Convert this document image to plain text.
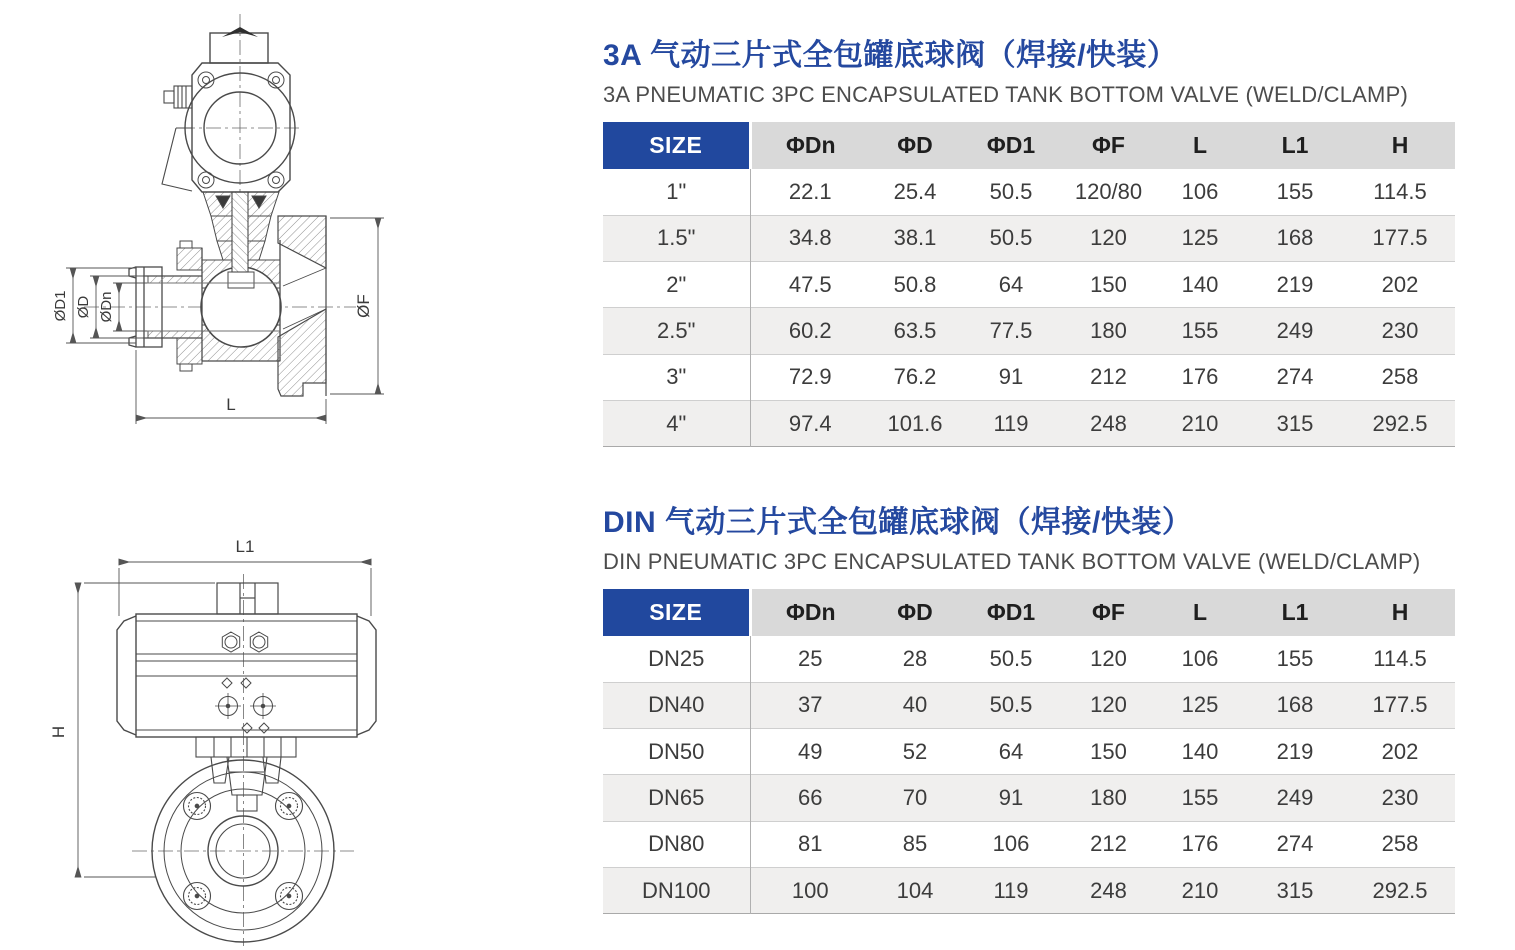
ØD1 ØD ØDn	ØF
L
L1
H
3A 气动三片式全包罐底球阀（焊接/快装）
3A PNEUMATIC 3PC ENCAPSULATED TANK BOTTOM VALVE (WELD/CLAMP)
SIZE	ΦDn	ΦD	ΦD1	ΦF	L	L1	H
1"	22.1	25.4	50.5	120/80	106	155	114.5
1.5"	34.8	38.1	50.5	120	125	168	177.5
2"	47.5	50.8	64	150	140	219	202
2.5"	60.2	63.5	77.5	180	155	249	230
3"	72.9	76.2	91	212	176	274	258
4"	97.4	101.6	119	248	210	315	292.5
DIN 气动三片式全包罐底球阀（焊接/快装）
DIN PNEUMATIC 3PC ENCAPSULATED TANK BOTTOM VALVE (WELD/CLAMP)
SIZE	ΦDn	ΦD	ΦD1	ΦF	L	L1	H
DN25	25	28	50.5	120	106	155	114.5
DN40	37	40	50.5	120	125	168	177.5
DN50	49	52	64	150	140	219	202
DN65	66	70	91	180	155	249	230
DN80	81	85	106	212	176	274	258
DN100	100	104	119	248	210	315	292.5
